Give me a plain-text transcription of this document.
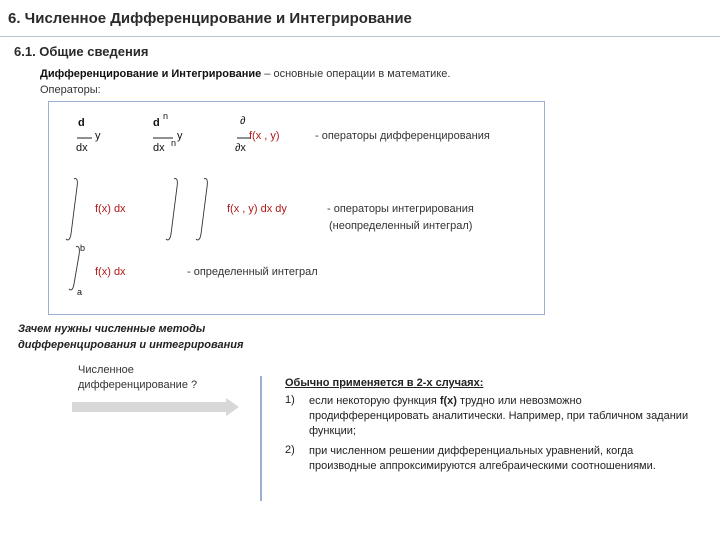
6. Численное Дифференцирование и Интегрирование
6.1. Общие сведения
Дифференцирование и Интегрирование – основные операции в математике.
Операторы:
d
y
dx
d
n
y
dx n
∂
f(x , y)
∂x
- операторы дифференцирования
f(x) dx	f(x , y) dx dy	- операторы интегрирования
(неопределенный интеграл)
b
a
f(x) dx	- определенный интеграл
Зачем нужны численные методы
дифференцирования и интегрирования
Численное
дифференцирование ?	Обычно применяется в 2-х случаях:
1) если некоторую функция f(x) трудно или невозможно продифференцировать аналитически. Например, при табличном задании функции;
2) при численном решении дифференциальных уравнений, когда производные аппроксимируются алгебраическими соотношениями.
